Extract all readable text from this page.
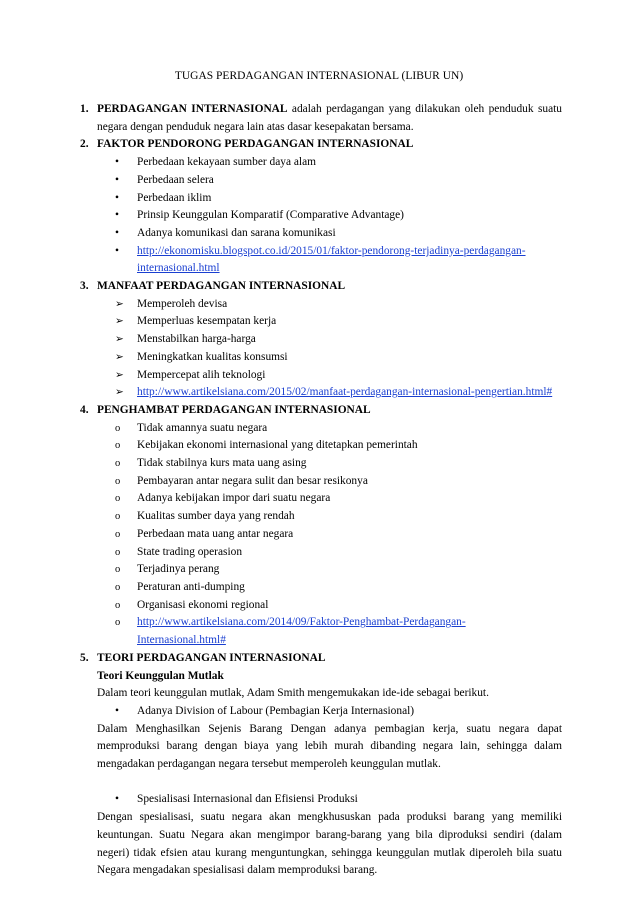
TUGAS PERDAGANGAN INTERNASIONAL (LIBUR UN)
1. PERDAGANGAN INTERNASIONAL adalah perdagangan yang dilakukan oleh penduduk suatu negara dengan penduduk negara lain atas dasar kesepakatan bersama.
2. FAKTOR PENDORONG PERDAGANGAN INTERNASIONAL
•
Perbedaan kekayaan sumber daya alam
•
Perbedaan selera
•
Perbedaan iklim
•
Prinsip Keunggulan Komparatif (Comparative Advantage)
•
Adanya komunikasi dan sarana komunikasi
•
http://ekonomisku.blogspot.co.id/2015/01/faktor-pendorong-terjadinya-perdagangan-
internasional.html
3. MANFAAT PERDAGANGAN INTERNASIONAL
➢
Memperoleh devisa
➢
Memperluas kesempatan kerja
➢
Menstabilkan harga-harga
➢
Meningkatkan kualitas konsumsi
➢
Mempercepat alih teknologi
➢
http://www.artikelsiana.com/2015/02/manfaat-perdagangan-internasional-pengertian.html#
4. PENGHAMBAT PERDAGANGAN INTERNASIONAL
o
Tidak amannya suatu negara
o
Kebijakan ekonomi internasional yang ditetapkan pemerintah
o
Tidak stabilnya kurs mata uang asing
o
Pembayaran antar negara sulit dan besar resikonya
o
Adanya kebijakan impor dari suatu negara
o
Kualitas sumber daya yang rendah
o
Perbedaan mata uang antar negara
o
State trading operasion
o
Terjadinya perang
o
Peraturan anti-dumping
o
Organisasi ekonomi regional
o
http://www.artikelsiana.com/2014/09/Faktor-Penghambat-Perdagangan-
Internasional.html#
5. TEORI PERDAGANGAN INTERNASIONAL
Teori Keunggulan Mutlak
Dalam teori keunggulan mutlak, Adam Smith mengemukakan ide-ide sebagai berikut.
•
Adanya Division of Labour (Pembagian Kerja Internasional)
Dalam Menghasilkan Sejenis Barang Dengan adanya pembagian kerja, suatu negara dapat memproduksi barang dengan biaya yang lebih murah dibanding negara lain, sehingga dalam mengadakan perdagangan negara tersebut memperoleh keunggulan mutlak.
•
Spesialisasi Internasional dan Efisiensi Produksi
Dengan spesialisasi, suatu negara akan mengkhususkan pada produksi barang yang memiliki keuntungan. Suatu Negara akan mengimpor barang-barang yang bila diproduksi sendiri (dalam negeri) tidak efsien atau kurang menguntungkan, sehingga keunggulan mutlak diperoleh bila suatu Negara mengadakan spesialisasi dalam memproduksi barang.
